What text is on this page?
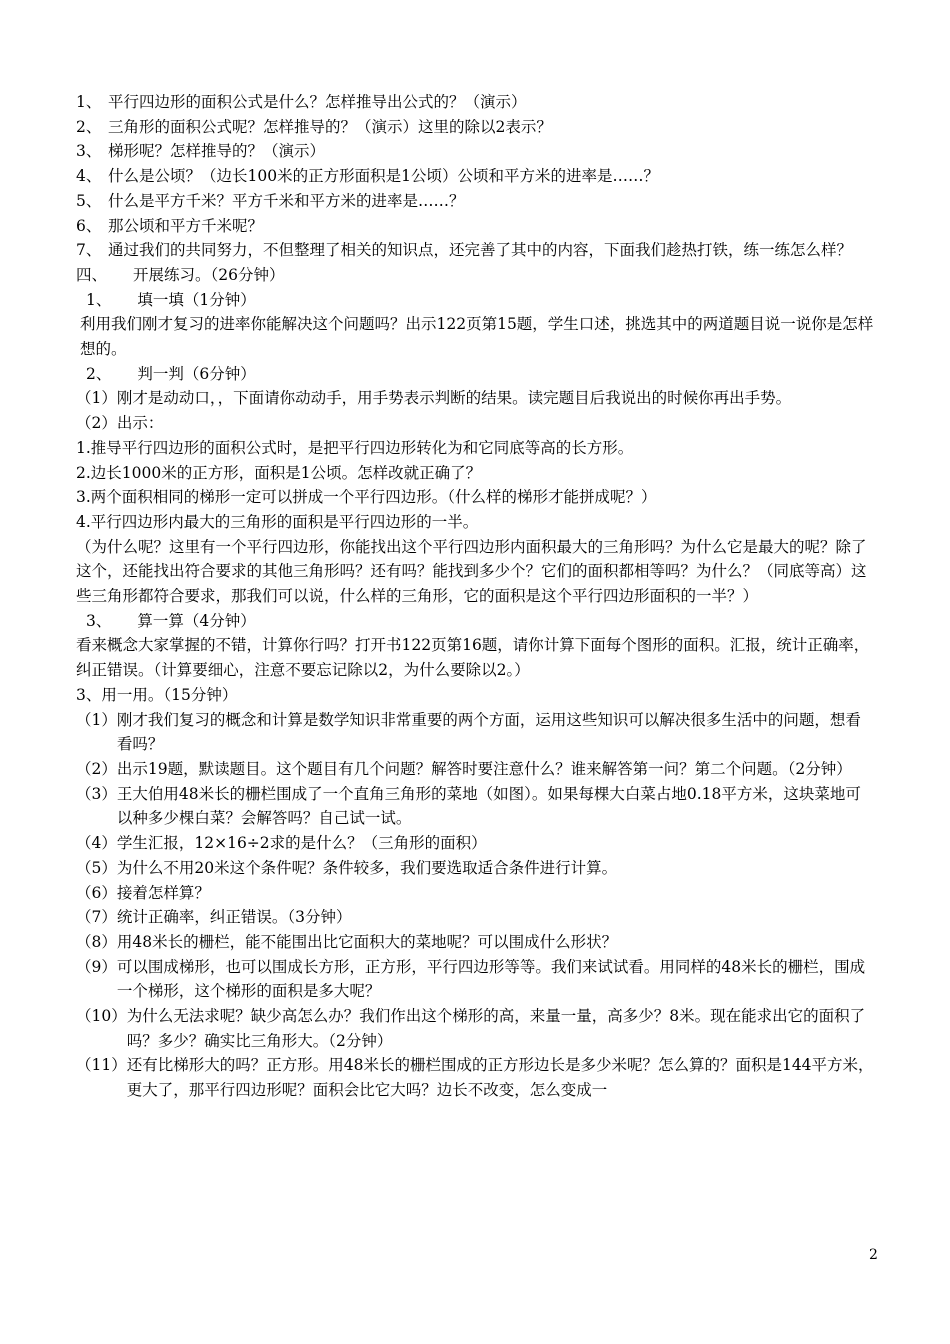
1、 平行四边形的面积公式是什么？怎样推导出公式的？（演示）
2、 三角形的面积公式呢？怎样推导的？（演示）这里的除以2表示？
3、 梯形呢？怎样推导的？（演示）
4、 什么是公顷？（边长100米的正方形面积是1公顷）公顷和平方米的进率是……？
5、 什么是平方千米？平方千米和平方米的进率是……？
6、 那公顷和平方千米呢？
7、 通过我们的共同努力，不但整理了相关的知识点，还完善了其中的内容，下面我们趁热打铁，练一练怎么样？
四、 开展练习。（26分钟）
1、 填一填（1分钟）
利用我们刚才复习的进率你能解决这个问题吗？出示122页第15题，学生口述，挑选其中的两道题目说一说你是怎样想的。
2、 判一判（6分钟）
（1） 刚才是动动口，，下面请你动动手，用手势表示判断的结果。读完题目后我说出的时候你再出手势。
（2） 出示：
1.推导平行四边形的面积公式时，是把平行四边形转化为和它同底等高的长方形。
2.边长1000米的正方形，面积是1公顷。怎样改就正确了？
3.两个面积相同的梯形一定可以拼成一个平行四边形。（什么样的梯形才能拼成呢？）
4.平行四边形内最大的三角形的面积是平行四边形的一半。
（为什么呢？这里有一个平行四边形，你能找出这个平行四边形内面积最大的三角形吗？为什么它是最大的呢？除了这个，还能找出符合要求的其他三角形吗？还有吗？能找到多少个？它们的面积都相等吗？为什么？（同底等高）这些三角形都符合要求，那我们可以说，什么样的三角形，它的面积是这个平行四边形面积的一半？）
3、 算一算（4分钟）
看来概念大家掌握的不错，计算你行吗？打开书122页第16题，请你计算下面每个图形的面积。汇报，统计正确率，纠正错误。（计算要细心，注意不要忘记除以2，为什么要除以2。）
3、用一用。（15分钟）
（1） 刚才我们复习的概念和计算是数学知识非常重要的两个方面，运用这些知识可以解决很多生活中的问题，想看看吗？
（2） 出示19题，默读题目。这个题目有几个问题？解答时要注意什么？谁来解答第一问？第二个问题。（2分钟）
（3） 王大伯用48米长的栅栏围成了一个直角三角形的菜地（如图）。如果每棵大白菜占地0.18平方米，这块菜地可以种多少棵白菜？会解答吗？自己试一试。
（4） 学生汇报，12×16÷2求的是什么？（三角形的面积）
（5） 为什么不用20米这个条件呢？条件较多，我们要选取适合条件进行计算。
（6） 接着怎样算？
（7） 统计正确率，纠正错误。（3分钟）
（8） 用48米长的栅栏，能不能围出比它面积大的菜地呢？可以围成什么形状？
（9） 可以围成梯形，也可以围成长方形，正方形，平行四边形等等。我们来试试看。用同样的48米长的栅栏，围成一个梯形，这个梯形的面积是多大呢？
（10） 为什么无法求呢？缺少高怎么办？我们作出这个梯形的高，来量一量，高多少？8米。现在能求出它的面积了吗？多少？确实比三角形大。（2分钟）
（11） 还有比梯形大的吗？正方形。用48米长的栅栏围成的正方形边长是多少米呢？怎么算的？面积是144平方米，更大了，那平行四边形呢？面积会比它大吗？边长不改变，怎么变成一
2
